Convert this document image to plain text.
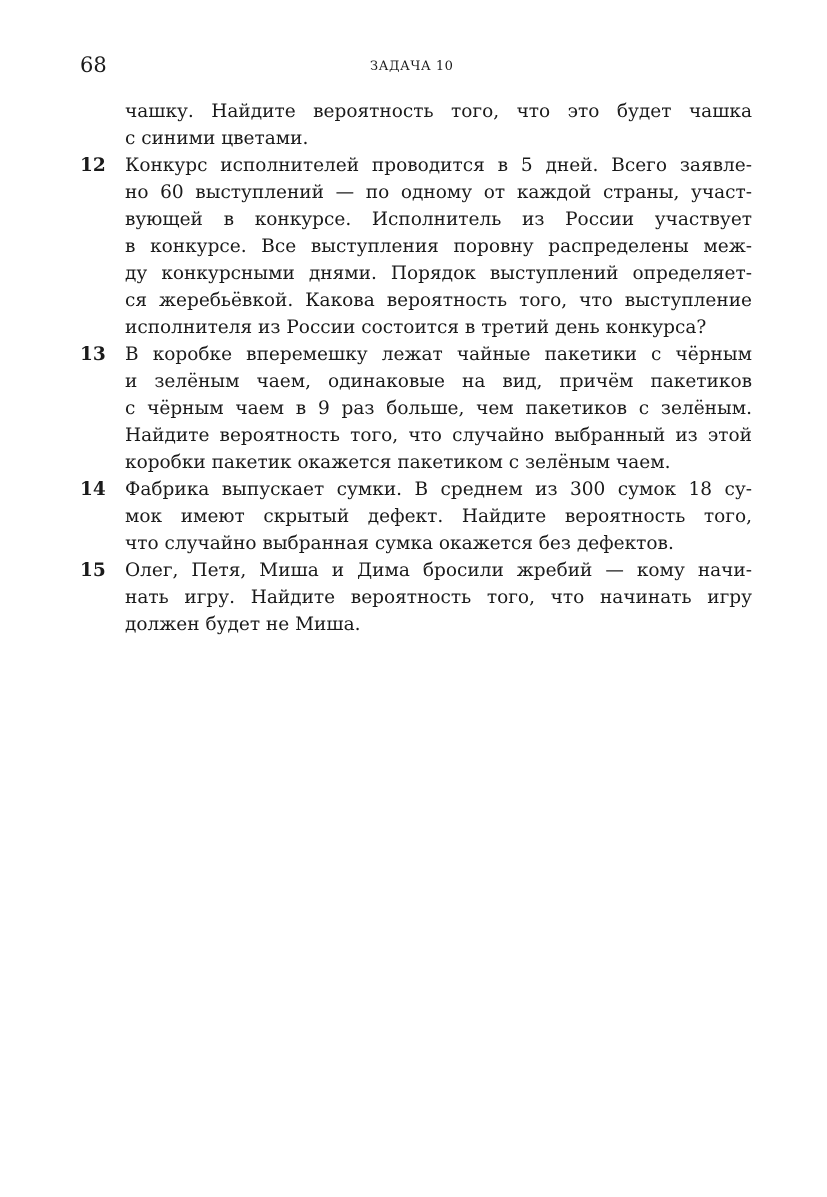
68	ЗАДАЧА 10
чашку. Найдите вероятность того, что это будет чашка
с синими цветами.
12 Конкурс исполнителей проводится в 5 дней. Всего заявле-
но 60 выступлений — по одному от каждой страны, участ-
вующей в конкурсе. Исполнитель из России участвует
в конкурсе. Все выступления поровну распределены меж-
ду конкурсными днями. Порядок выступлений определяет-
ся жеребьёвкой. Какова вероятность того, что выступление
исполнителя из России состоится в третий день конкурса?
13 В коробке вперемешку лежат чайные пакетики с чёрным
и зелёным чаем, одинаковые на вид, причём пакетиков
с чёрным чаем в 9 раз больше, чем пакетиков с зелёным.
Найдите вероятность того, что случайно выбранный из этой
коробки пакетик окажется пакетиком с зелёным чаем.
14 Фабрика выпускает сумки. В среднем из 300 сумок 18 су-
мок имеют скрытый дефект. Найдите вероятность того,
что случайно выбранная сумка окажется без дефектов.
15 Олег, Петя, Миша и Дима бросили жребий — кому начи-
нать игру. Найдите вероятность того, что начинать игру
должен будет не Миша.
